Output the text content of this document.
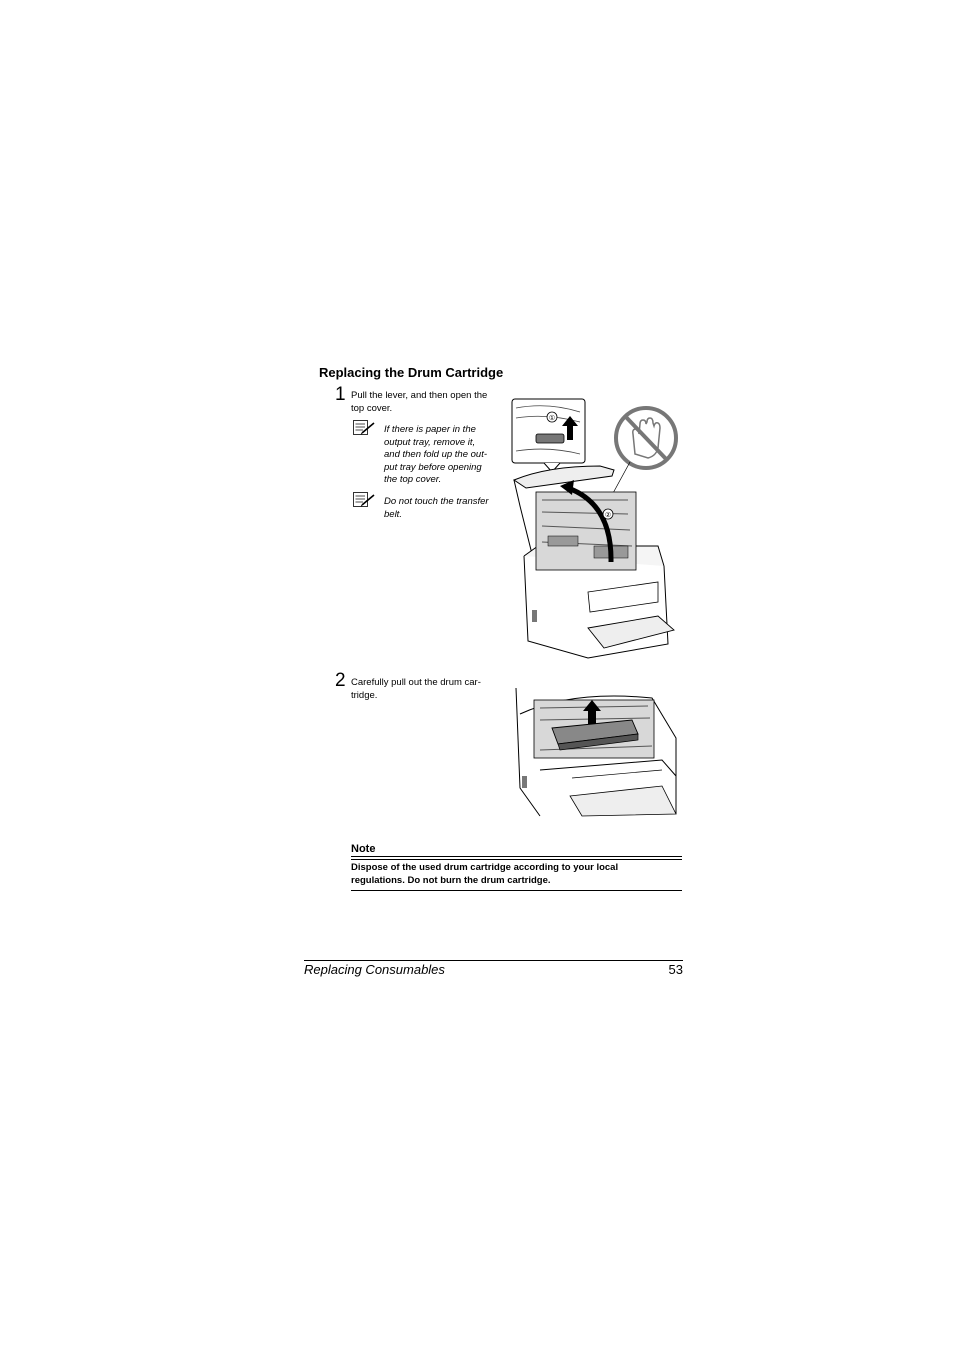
Replacing the Drum Cartridge
1 Pull the lever, and then open the
top cover.
If there is paper in the
output tray, remove it,
and then fold up the out-
put tray before opening
the top cover.
Do not touch the transfer
belt.
①
②
2 Carefully pull out the drum car-
tridge.
Note
Dispose of the used drum cartridge according to your local
regulations. Do not burn the drum cartridge.
Replacing Consumables	53
